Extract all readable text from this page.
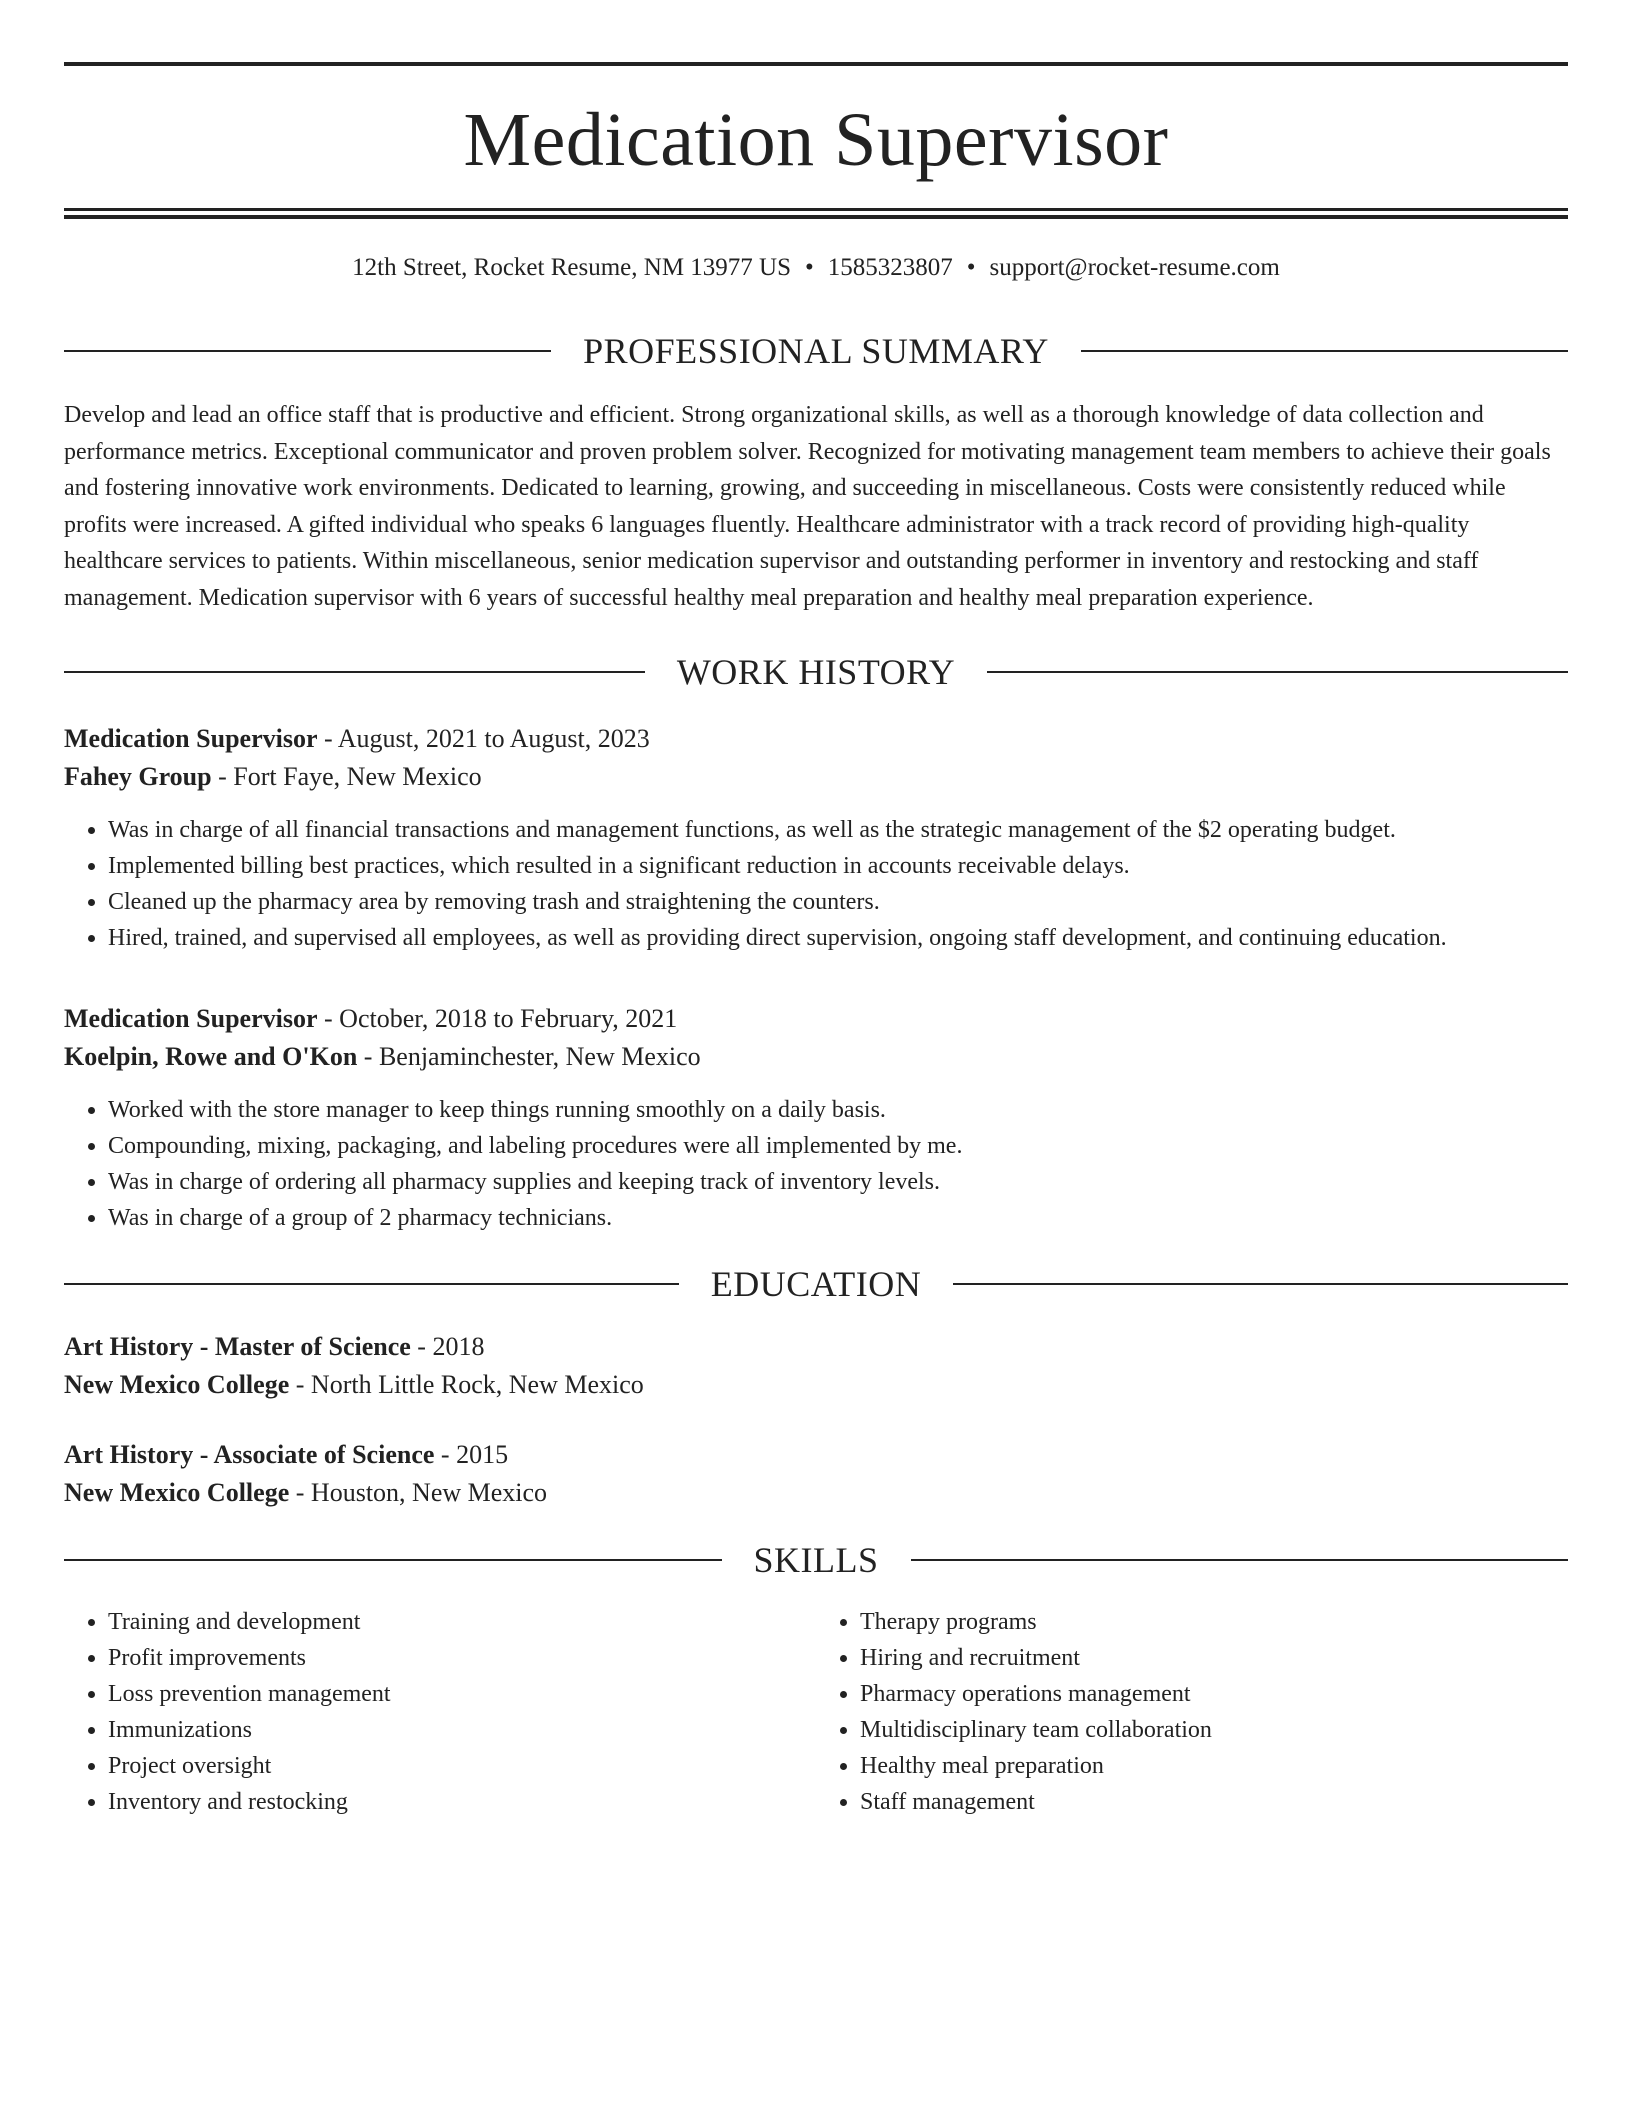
Medication Supervisor
12th Street, Rocket Resume, NM 13977 US • 1585323807 • support@rocket-resume.com
PROFESSIONAL SUMMARY

Develop and lead an office staff that is productive and efficient. Strong organizational skills, as well as a thorough knowledge of data collection and performance metrics. Exceptional communicator and proven problem solver. Recognized for motivating management team members to achieve their goals and fostering innovative work environments. Dedicated to learning, growing, and succeeding in miscellaneous. Costs were consistently reduced while profits were increased. A gifted individual who speaks 6 languages fluently. Healthcare administrator with a track record of providing high-quality healthcare services to patients. Within miscellaneous, senior medication supervisor and outstanding performer in inventory and restocking and staff management. Medication supervisor with 6 years of successful healthy meal preparation and healthy meal preparation experience.

WORK HISTORY
Medication Supervisor - August, 2021 to August, 2023
Fahey Group - Fort Faye, New Mexico
• Was in charge of all financial transactions and management functions, as well as the strategic management of the $2 operating budget.
• Implemented billing best practices, which resulted in a significant reduction in accounts receivable delays.
• Cleaned up the pharmacy area by removing trash and straightening the counters.
• Hired, trained, and supervised all employees, as well as providing direct supervision, ongoing staff development, and continuing education.
Medication Supervisor - October, 2018 to February, 2021
Koelpin, Rowe and O'Kon - Benjaminchester, New Mexico
• Worked with the store manager to keep things running smoothly on a daily basis.
• Compounding, mixing, packaging, and labeling procedures were all implemented by me.
• Was in charge of ordering all pharmacy supplies and keeping track of inventory levels.
• Was in charge of a group of 2 pharmacy technicians.
EDUCATION
Art History - Master of Science - 2018
New Mexico College - North Little Rock, New Mexico
Art History - Associate of Science - 2015
New Mexico College - Houston, New Mexico
SKILLS
• Training and development
• Profit improvements
• Loss prevention management
• Immunizations
• Project oversight
• Inventory and restocking
• Therapy programs
• Hiring and recruitment
• Pharmacy operations management
• Multidisciplinary team collaboration
• Healthy meal preparation
• Staff management
